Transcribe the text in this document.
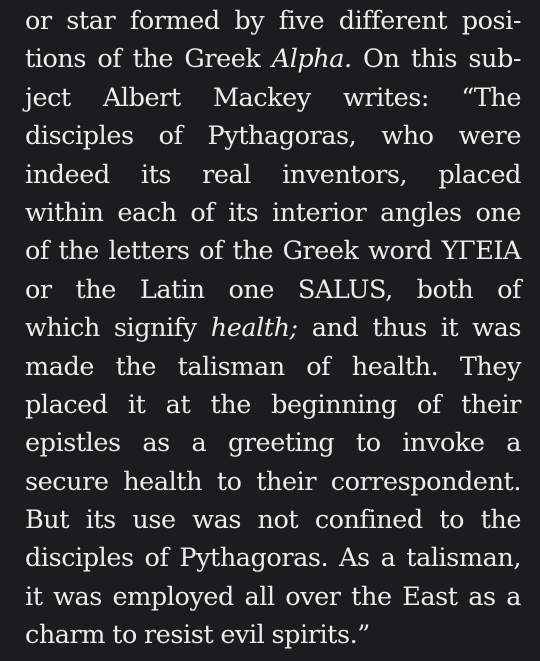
or star formed by five different posi-
tions of the Greek Alpha. On this sub-
ject Albert Mackey writes: “The
disciples of Pythagoras, who were
indeed its real inventors, placed
within each of its interior angles one
of the letters of the Greek word ΥΓΕΙΑ
or the Latin one SALUS, both of
which signify health; and thus it was
made the talisman of health. They
placed it at the beginning of their
epistles as a greeting to invoke a
secure health to their correspondent.
But its use was not confined to the
disciples of Pythagoras. As a talisman,
it was employed all over the East as a
charm to resist evil spirits.”
